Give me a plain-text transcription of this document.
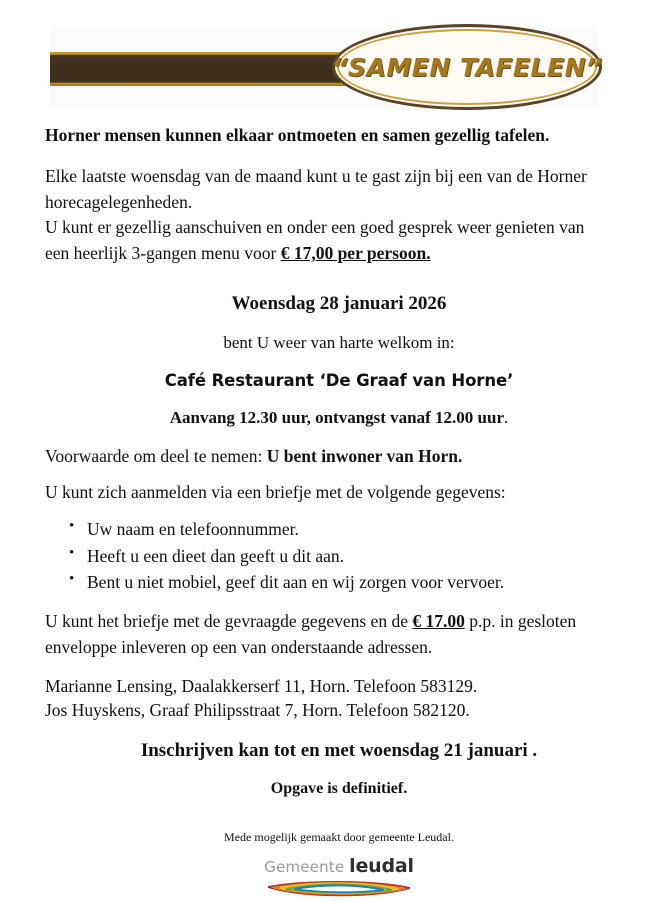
“SAMEN TAFELEN”

Horner mensen kunnen elkaar ontmoeten en samen gezellig tafelen.

Elke laatste woensdag van de maand kunt u te gast zijn bij een van de Horner

horecagelegenheden.

U kunt er gezellig aanschuiven en onder een goed gesprek weer genieten van

een heerlijk 3-gangen menu voor € 17,00 per persoon.

Woensdag 28 januari 2026

bent U weer van harte welkom in:

Café Restaurant ‘De Graaf van Horne’

Aanvang 12.30 uur, ontvangst vanaf 12.00 uur.

Voorwaarde om deel te nemen: U bent inwoner van Horn.

U kunt zich aanmelden via een briefje met de volgende gegevens:

• Uw naam en telefoonnummer.
• Heeft u een dieet dan geeft u dit aan.
• Bent u niet mobiel, geef dit aan en wij zorgen voor vervoer.

U kunt het briefje met de gevraagde gegevens en de € 17.00 p.p. in gesloten

enveloppe inleveren op een van onderstaande adressen.

Marianne Lensing, Daalakkerserf 11, Horn. Telefoon 583129.

Jos Huyskens, Graaf Philipsstraat 7, Horn. Telefoon 582120.

Inschrijven kan tot en met woensdag 21 januari .

Opgave is definitief.

Mede mogelijk gemaakt door gemeente Leudal.

Gemeente leudal
